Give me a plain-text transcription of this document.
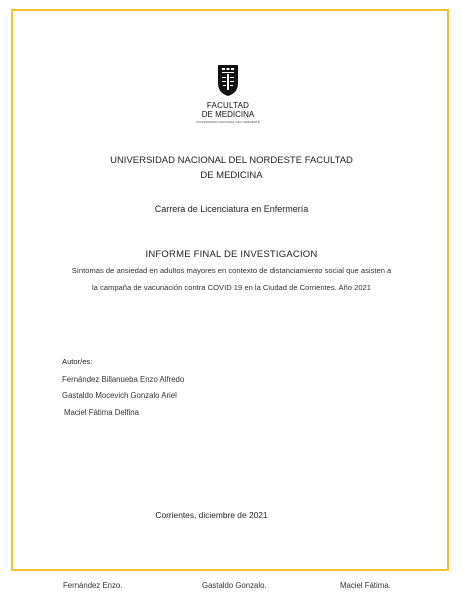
FACULTAD
DE MEDICINA
UNIVERSIDAD NACIONAL DEL NORDESTE
UNIVERSIDAD NACIONAL DEL NORDESTE FACULTAD
DE MEDICINA
Carrera de Licenciatura en Enfermería
INFORME FINAL DE INVESTIGACION
Síntomas de ansiedad en adultos mayores en contexto de distanciamiento social que asisten a
la campaña de vacunación contra COVID 19 en la Ciudad de Corrientes. Año 2021
Autor/es:
Fernández Billanueba Enzo Alfredo
Gastaldo Mocevich Gonzalo Ariel
Maciel Fátima Delfina
Corrientes, diciembre de 2021
Fernández Enzo.	Gastaldo Gonzalo.	Maciel Fátima.
